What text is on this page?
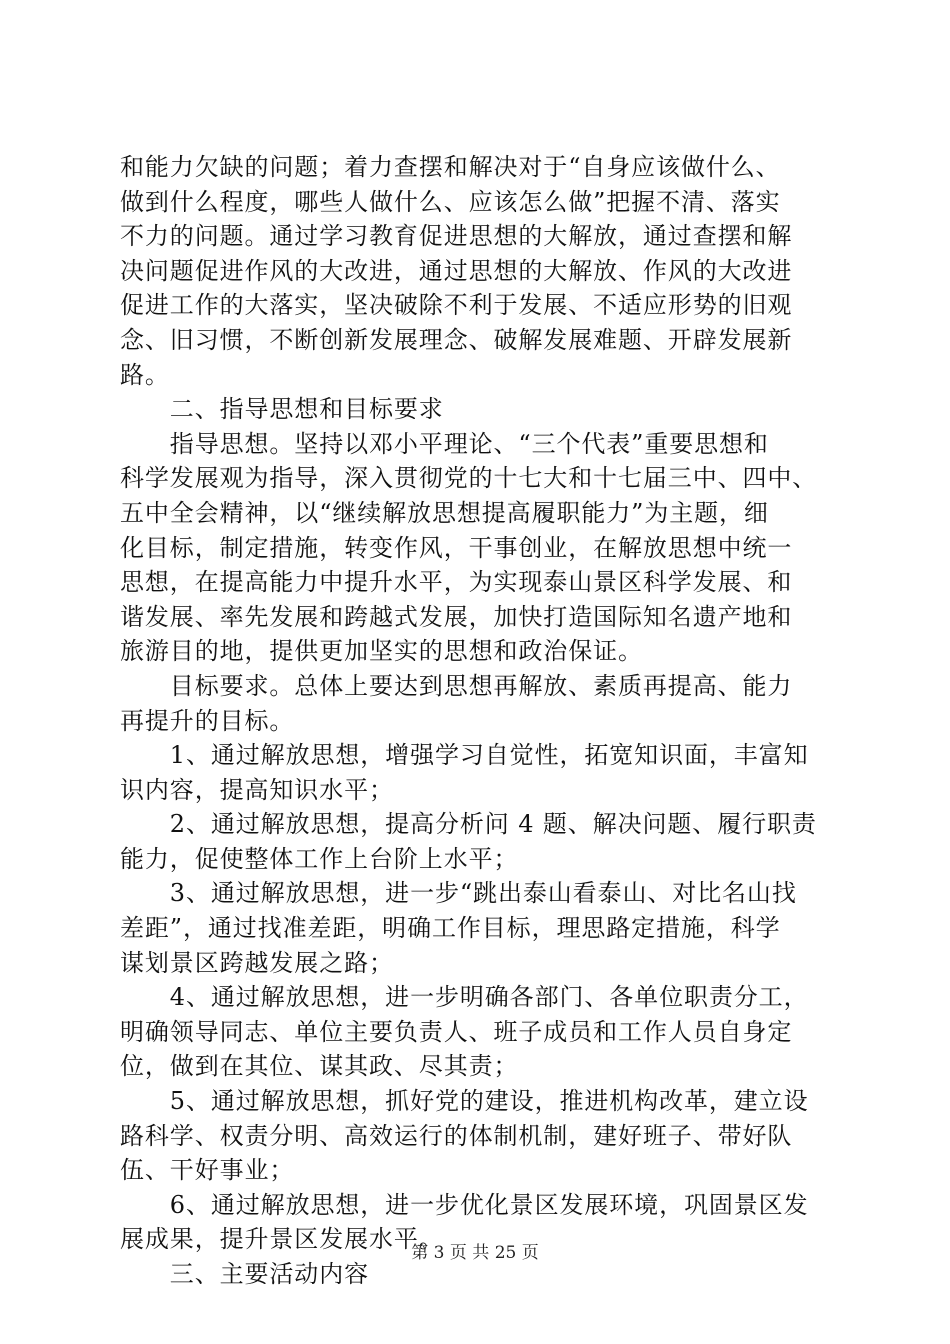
和能力欠缺的问题；着力查摆和解决对于“自身应该做什么、
做到什么程度，哪些人做什么、应该怎么做”把握不清、落实
不力的问题。通过学习教育促进思想的大解放，通过查摆和解
决问题促进作风的大改进，通过思想的大解放、作风的大改进
促进工作的大落实，坚决破除不利于发展、不适应形势的旧观
念、旧习惯，不断创新发展理念、破解发展难题、开辟发展新
路。
　　二、指导思想和目标要求
　　指导思想。坚持以邓小平理论、“三个代表”重要思想和
科学发展观为指导，深入贯彻党的十七大和十七届三中、四中、
五中全会精神，以“继续解放思想提高履职能力”为主题，细
化目标，制定措施，转变作风，干事创业，在解放思想中统一
思想，在提高能力中提升水平，为实现泰山景区科学发展、和
谐发展、率先发展和跨越式发展，加快打造国际知名遗产地和
旅游目的地，提供更加坚实的思想和政治保证。
　　目标要求。总体上要达到思想再解放、素质再提高、能力
再提升的目标。
　　1、通过解放思想，增强学习自觉性，拓宽知识面，丰富知
识内容，提高知识水平；
　　2、通过解放思想，提高分析问 4 题、解决问题、履行职责
能力，促使整体工作上台阶上水平；
　　3、通过解放思想，进一步“跳出泰山看泰山、对比名山找
差距”，通过找准差距，明确工作目标，理思路定措施，科学
谋划景区跨越发展之路；
　　4、通过解放思想，进一步明确各部门、各单位职责分工，
明确领导同志、单位主要负责人、班子成员和工作人员自身定
位，做到在其位、谋其政、尽其责；
　　5、通过解放思想，抓好党的建设，推进机构改革，建立设
路科学、权责分明、高效运行的体制机制，建好班子、带好队
伍、干好事业；
　　6、通过解放思想，进一步优化景区发展环境，巩固景区发
展成果，提升景区发展水平。
　　三、主要活动内容
第 3 页 共 25 页
